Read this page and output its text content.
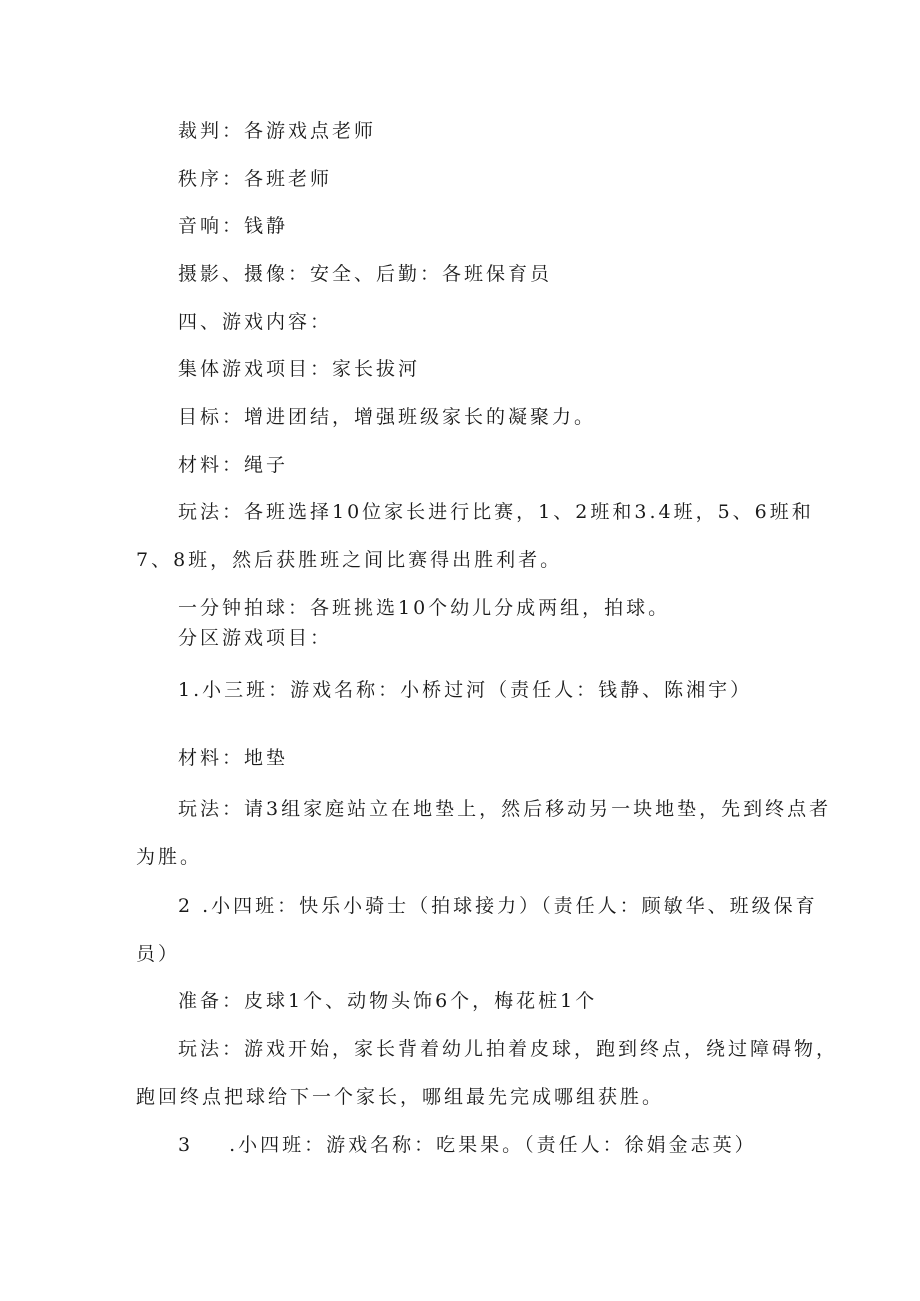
裁判：各游戏点老师
秩序：各班老师
音响：钱静
摄影、摄像：安全、后勤：各班保育员
四、游戏内容：
集体游戏项目：家长拔河
目标：增进团结，增强班级家长的凝聚力。
材料：绳子
玩法：各班选择10位家长进行比赛，1、2班和3.4班，5、6班和
7、8班，然后获胜班之间比赛得出胜利者。
一分钟拍球：各班挑选10个幼儿分成两组，拍球。
分区游戏项目：
1.小三班：游戏名称：小桥过河（责任人：钱静、陈湘宇）
材料：地垫
玩法：请3组家庭站立在地垫上，然后移动另一块地垫，先到终点者
为胜。
2 .小四班：快乐小骑士（拍球接力）（责任人：顾敏华、班级保育
员）
准备：皮球1个、动物头饰6个，梅花桩1个
玩法：游戏开始，家长背着幼儿拍着皮球，跑到终点，绕过障碍物，
跑回终点把球给下一个家长，哪组最先完成哪组获胜。
3 .小四班：游戏名称：吃果果。（责任人：徐娟金志英）
